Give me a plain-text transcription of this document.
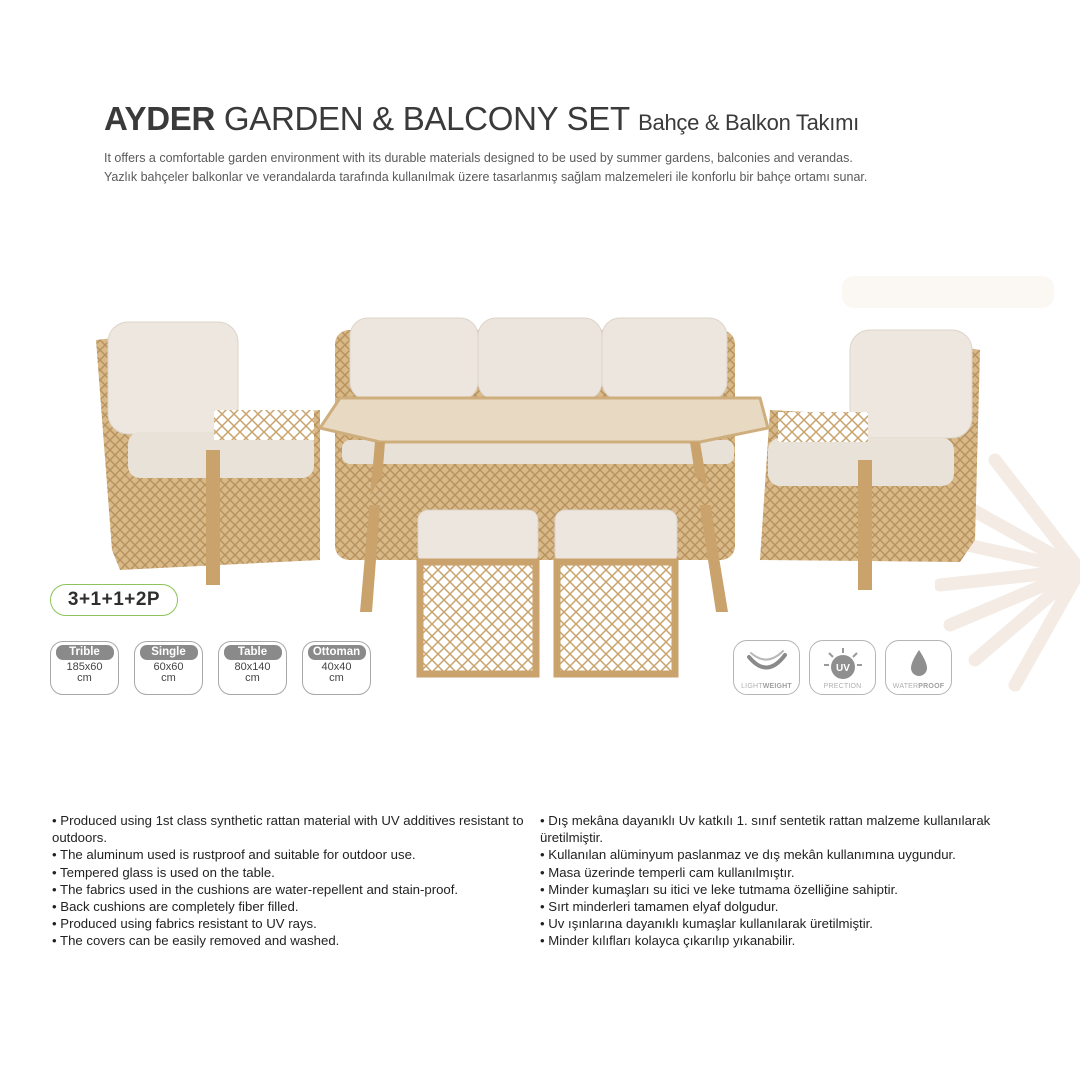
AYDER GARDEN & BALCONY SET Bahçe & Balkon Takımı
It offers a comfortable garden environment with its durable materials designed to be used by summer gardens, balconies and verandas.
Yazlık bahçeler balkonlar ve verandalarda tarafında kullanılmak üzere tasarlanmış sağlam malzemeleri ile konforlu bir bahçe ortamı sunar.
3+1+1+2P
Trible
185x60
cm
Single
60x60
cm
Table
80x140
cm
Ottoman
40x40
cm
LIGHTWEIGHT
UV
PRECTION	WATERPROOF
• Produced using 1st class synthetic rattan material with UV additives resistant to outdoors.
• The aluminum used is rustproof and suitable for outdoor use.
• Tempered glass is used on the table.
• The fabrics used in the cushions are water-repellent and stain-proof.
• Back cushions are completely fiber filled.
• Produced using fabrics resistant to UV rays.
• The covers can be easily removed and washed.
• Dış mekâna dayanıklı Uv katkılı 1. sınıf sentetik rattan malzeme kullanılarak üretilmiştir.
• Kullanılan alüminyum paslanmaz ve dış mekân kullanımına uygundur.
• Masa üzerinde temperli cam kullanılmıştır.
• Minder kumaşları su itici ve leke tutmama özelliğine sahiptir.
• Sırt minderleri tamamen elyaf dolgudur.
• Uv ışınlarına dayanıklı kumaşlar kullanılarak üretilmiştir.
• Minder kılıfları kolayca çıkarılıp yıkanabilir.
